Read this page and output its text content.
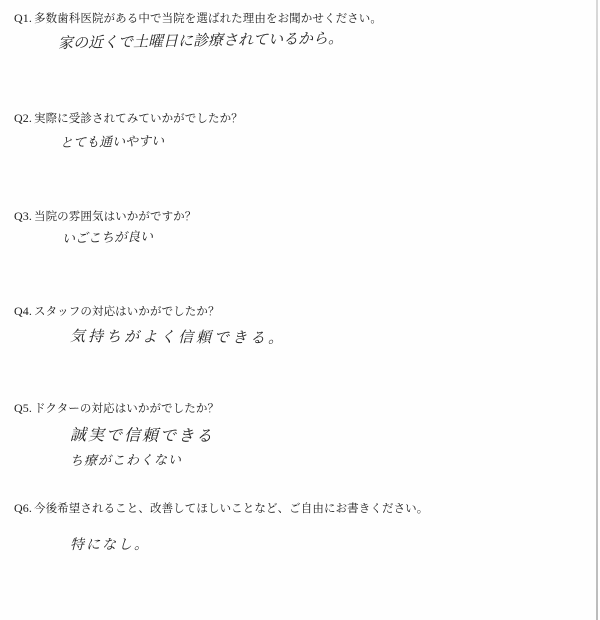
Q1. 多数歯科医院がある中で当院を選ばれた理由をお聞かせください。
家の近くで土曜日に診療されているから。
Q2. 実際に受診されてみていかがでしたか？
とても通いやすい
Q3. 当院の雰囲気はいかがですか？
いごこちが良い
Q4. スタッフの対応はいかがでしたか？
気持ちがよく信頼できる。
Q5. ドクターの対応はいかがでしたか？
誠実で信頼できる
ち療がこわくない
Q6. 今後希望されること、改善してほしいことなど、ご自由にお書きください。
特になし。
